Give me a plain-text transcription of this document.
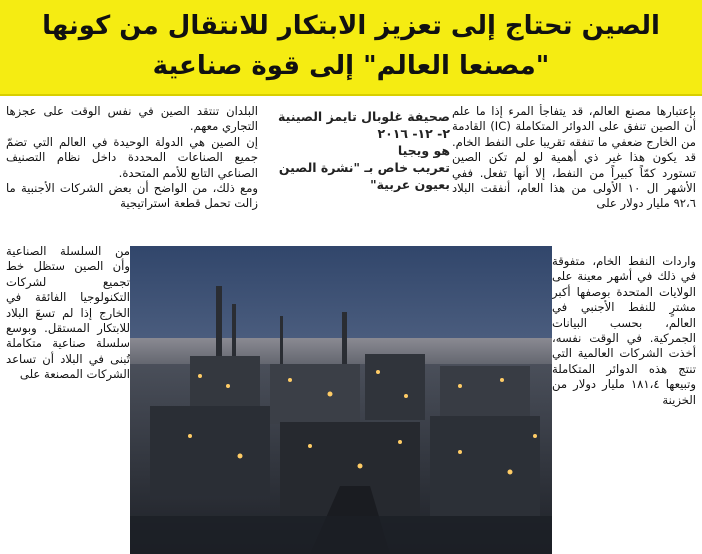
الصين تحتاج إلى تعزيز الابتكار للانتقال من كونها
"مصنعا العالم" إلى قوة صناعية

بإعتبارها مصنع العالم، قد يتفاجأ المرء إذا ما علم أن الصين تنفق على الدوائر المتكاملة (IC) القادمة من الخارج ضعفي ما تنفقه تقريبا على النفط الخام. قد يكون هذا غير ذي أهمية لو لم تكن الصين تستورد كمّاً كبيراً من النفط، إلا أنها تفعل. ففي الأشهر ال ١٠ الأولى من هذا العام، أنفقت البلاد ٩٢،٦ مليار دولار على

صحيفة غلوبال تايمز الصينية

٢- ١٢- ٢٠١٦

هو ويجيا

تعريب خاص بـ "نشرة الصين بعيون عربية"

البلدان تنتقد الصين في نفس الوقت على عجزها التجاري معهم.

إن الصين هي الدولة الوحيدة في العالم التي تضمّ جميع الصناعات المحددة داخل نظام التصنيف الصناعي التابع للأمم المتحدة.

ومع ذلك، من الواضح أن بعض الشركات الأجنبية ما زالت تحمل قطعة استراتيجية

واردات النفط الخام، متفوقة في ذلك في أشهر معينة على الولايات المتحدة بوصفها أكبر مشترٍ للنفط الأجنبي في العالم، بحسب البيانات الجمركية. في الوقت نفسه، أخذت الشركات العالمية التي تنتج هذه الدوائر المتكاملة وتبيعها ١٨١،٤ مليار دولار من الخزينة

من السلسلة الصناعية وأن الصين ستظل خط تجميع لشركات التكنولوجيا الفائقة في الخارج إذا لم تسعَ البلاد للابتكار المستقل. وبوسع سلسلة صناعية متكاملة تُبنى في البلاد أن تساعد الشركات المصنعة على
